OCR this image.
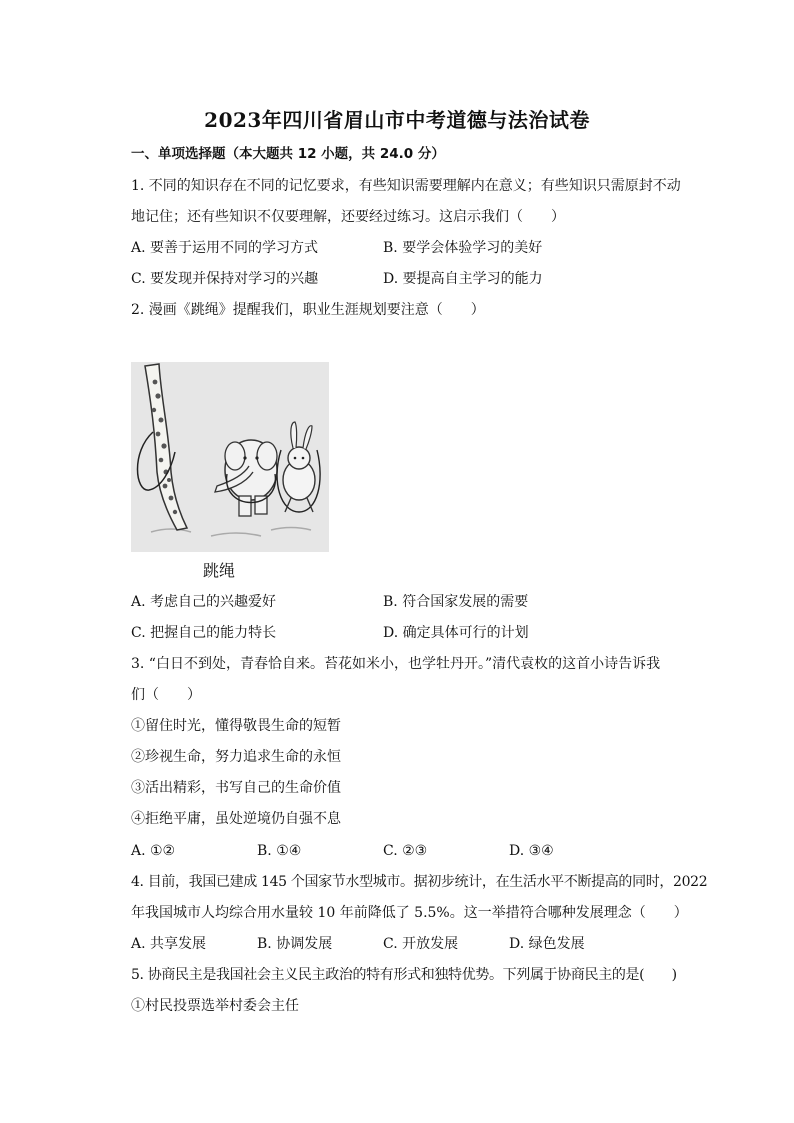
2023年四川省眉山市中考道德与法治试卷
一、单项选择题（本大题共 12 小题，共 24.0 分）
1. 不同的知识存在不同的记忆要求，有些知识需要理解内在意义；有些知识只需原封不动
地记住；还有些知识不仅要理解，还要经过练习。这启示我们（　　）
A. 要善于运用不同的学习方式	B. 要学会体验学习的美好
C. 要发现并保持对学习的兴趣	D. 要提高自主学习的能力
2. 漫画《跳绳》提醒我们，职业生涯规划要注意（　　）
跳绳
A. 考虑自己的兴趣爱好	B. 符合国家发展的需要
C. 把握自己的能力特长	D. 确定具体可行的计划
3. “白日不到处，青春恰自来。苔花如米小，也学牡丹开。”清代袁枚的这首小诗告诉我
们（　　）
①留住时光，懂得敬畏生命的短暂
②珍视生命，努力追求生命的永恒
③活出精彩，书写自己的生命价值
④拒绝平庸，虽处逆境仍自强不息
A. ①②	B. ①④	C. ②③	D. ③④
4. 目前，我国已建成 145 个国家节水型城市。据初步统计，在生活水平不断提高的同时，2022
年我国城市人均综合用水量较 10 年前降低了 5.5%。这一举措符合哪种发展理念（　　）
A. 共享发展	B. 协调发展	C. 开放发展	D. 绿色发展
5. 协商民主是我国社会主义民主政治的特有形式和独特优势。下列属于协商民主的是(　　)
①村民投票选举村委会主任
